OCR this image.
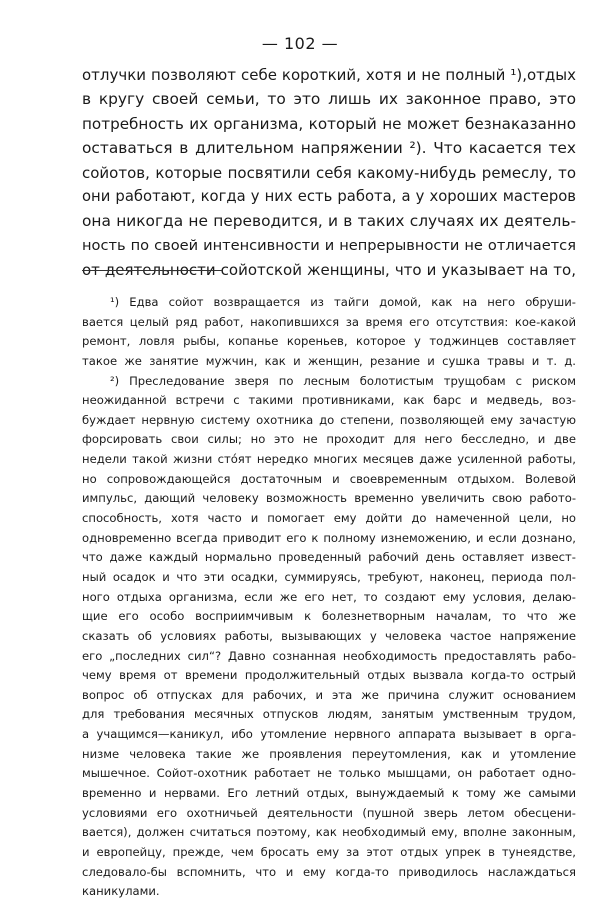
— 102 —
отлучки позволяют себе короткий, хотя и не полный ¹),отдых
в кругу своей семьи, то это лишь их законное право, это
потребность их организма, который не может безнаказанно
оставаться в длительном напряжении ²). Что касается тех
сойотов, которые посвятили себя какому-нибудь ремеслу, то
они работают, когда у них есть работа, а у хороших мастеров
она никогда не переводится, и в таких случаях их деятель-
ность по своей интенсивности и непрерывности не отличается
от деятельности сойотской женщины, что и указывает на то,
¹) Едва сойот возвращается из тайги домой, как на него обруши-
вается целый ряд работ, накопившихся за время его отсутствия: кое-какой
ремонт, ловля рыбы, копанье кореньев, которое у тоджинцев составляет
такое же занятие мужчин, как и женщин, резание и сушка травы и т. д.
²) Преследование зверя по лесным болотистым трущобам с риском
неожиданной встречи с такими противниками, как барс и медведь, воз-
буждает нервную систему охотника до степени, позволяющей ему зачастую
форсировать свои силы; но это не проходит для него бесследно, и две
недели такой жизни стóят нередко многих месяцев даже усиленной работы,
но сопровождающейся достаточным и своевременным отдыхом. Волевой
импульс, дающий человеку возможность временно увеличить свою работо-
способность, хотя часто и помогает ему дойти до намеченной цели, но
одновременно всегда приводит его к полному изнеможению, и если дознано,
что даже каждый нормально проведенный рабочий день оставляет извест-
ный осадок и что эти осадки, суммируясь, требуют, наконец, периода пол-
ного отдыха организма, если же его нет, то создают ему условия, делаю-
щие его особо восприимчивым к болезнетворным началам, то что же
сказать об условиях работы, вызывающих у человека частое напряжение
его „последних сил“? Давно сознанная необходимость предоставлять рабо-
чему время от времени продолжительный отдых вызвала когда-то острый
вопрос об отпусках для рабочих, и эта же причина служит основанием
для требования месячных отпусков людям, занятым умственным трудом,
а учащимся—каникул, ибо утомление нервного аппарата вызывает в орга-
низме человека такие же проявления переутомления, как и утомление
мышечное. Сойот-охотник работает не только мышцами, он работает одно-
временно и нервами. Его летний отдых, вынуждаемый к тому же самыми
условиями его охотничьей деятельности (пушной зверь летом обесцени-
вается), должен считаться поэтому, как необходимый ему, вполне законным,
и европейцу, прежде, чем бросать ему за этот отдых упрек в тунеядстве,
следовало-бы вспомнить, что и ему когда-то приводилось наслаждаться
каникулами.
